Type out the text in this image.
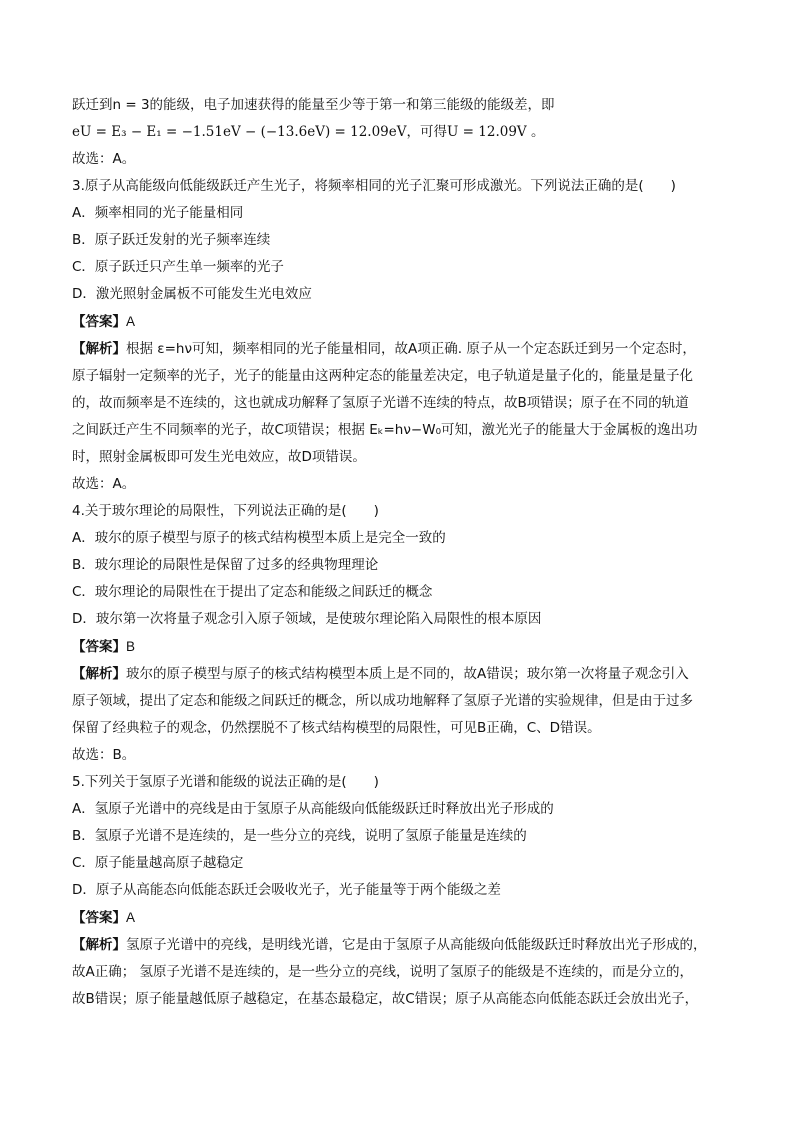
跃迁到n = 3的能级，电子加速获得的能量至少等于第一和第三能级的能级差，即

eU = E₃ − E₁ = −1.51eV − (−13.6eV) = 12.09eV，可得U = 12.09V 。

故选：A。

3.原子从高能级向低能级跃迁产生光子，将频率相同的光子汇聚可形成激光。下列说法正确的是(　　)

A．频率相同的光子能量相同

B．原子跃迁发射的光子频率连续

C．原子跃迁只产生单一频率的光子

D．激光照射金属板不可能发生光电效应

【答案】A

【解析】根据 ε=hν可知，频率相同的光子能量相同，故A项正确. 原子从一个定态跃迁到另一个定态时，

原子辐射一定频率的光子，光子的能量由这两种定态的能量差决定，电子轨道是量子化的，能量是量子化

的，故而频率是不连续的，这也就成功解释了氢原子光谱不连续的特点，故B项错误；原子在不同的轨道

之间跃迁产生不同频率的光子，故C项错误；根据 Eₖ=hν−W₀可知，激光光子的能量大于金属板的逸出功

时，照射金属板即可发生光电效应，故D项错误。

故选：A。

4.关于玻尔理论的局限性，下列说法正确的是(　　)

A．玻尔的原子模型与原子的核式结构模型本质上是完全一致的

B．玻尔理论的局限性是保留了过多的经典物理理论

C．玻尔理论的局限性在于提出了定态和能级之间跃迁的概念

D．玻尔第一次将量子观念引入原子领域，是使玻尔理论陷入局限性的根本原因

【答案】B

【解析】玻尔的原子模型与原子的核式结构模型本质上是不同的，故A错误；玻尔第一次将量子观念引入

原子领域，提出了定态和能级之间跃迁的概念，所以成功地解释了氢原子光谱的实验规律，但是由于过多

保留了经典粒子的观念，仍然摆脱不了核式结构模型的局限性，可见B正确，C、D错误。

故选：B。

5.下列关于氢原子光谱和能级的说法正确的是(　　)

A．氢原子光谱中的亮线是由于氢原子从高能级向低能级跃迁时释放出光子形成的

B．氢原子光谱不是连续的，是一些分立的亮线，说明了氢原子能量是连续的

C．原子能量越高原子越稳定

D．原子从高能态向低能态跃迁会吸收光子，光子能量等于两个能级之差

【答案】A

【解析】氢原子光谱中的亮线，是明线光谱，它是由于氢原子从高能级向低能级跃迁时释放出光子形成的，

故A正确； 氢原子光谱不是连续的，是一些分立的亮线，说明了氢原子的能级是不连续的，而是分立的，

故B错误；原子能量越低原子越稳定，在基态最稳定，故C错误；原子从高能态向低能态跃迁会放出光子，
